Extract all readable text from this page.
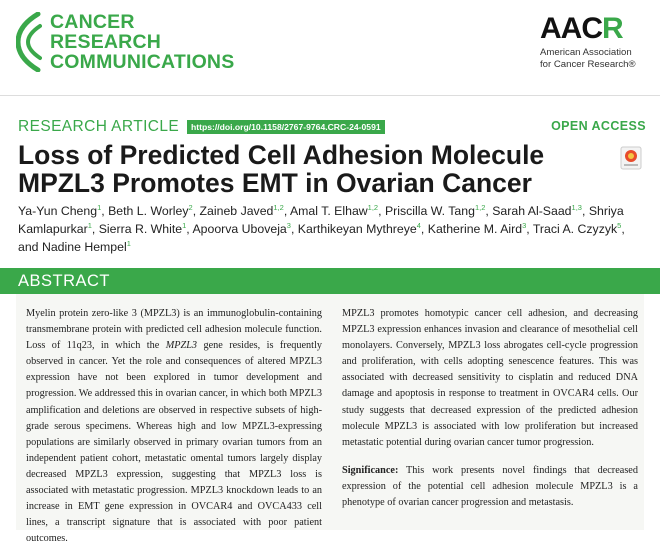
CANCER
RESEARCH
COMMUNICATIONS
AACR
American Association
for Cancer Research®
RESEARCH ARTICLE	https://doi.org/10.1158/2767-9764.CRC-24-0591	OPEN ACCESS
Loss of Predicted Cell Adhesion Molecule
MPZL3 Promotes EMT in Ovarian Cancer
Ya-Yun Cheng$^1$, Beth L. Worley$^2$, Zaineb Javed$^{1,2}$, Amal T. Elhaw$^{1,2}$, Priscilla W. Tang$^{1,2}$, Sarah Al-Saad$^{1,3}$, Shriya Kamlapurkar$^1$, Sierra R. White$^1$, Apoorva Uboveja$^3$, Karthikeyan Mythreye$^4$, Katherine M. Aird$^3$, Traci A. Czyzyk$^5$, and Nadine Hempel$^1$
ABSTRACT

Myelin protein zero-like 3 (MPZL3) is an immunoglobulin-containing transmembrane protein with predicted cell adhesion molecule function. Loss of 11q23, in which the MPZL3 gene resides, is frequently observed in cancer. Yet the role and consequences of altered MPZL3 expression have not been explored in tumor development and progression. We addressed this in ovarian cancer, in which both MPZL3 amplification and deletions are observed in respective subsets of high-grade serous specimens. Whereas high and low MPZL3-expressing populations are similarly observed in primary ovarian tumors from an independent patient cohort, metastatic omental tumors largely display decreased MPZL3 expression, suggesting that MPZL3 loss is associated with metastatic progression. MPZL3 knockdown leads to an increase in EMT gene expression in OVCAR4 and OVCA433 cell lines, a transcript signature that is associated with poor patient outcomes.

MPZL3 promotes homotypic cancer cell adhesion, and decreasing MPZL3 expression enhances invasion and clearance of mesothelial cell monolayers. Conversely, MPZL3 loss abrogates cell-cycle progression and proliferation, with cells adopting senescence features. This was associated with decreased sensitivity to cisplatin and reduced DNA damage and apoptosis in response to treatment in OVCAR4 cells. Our study suggests that decreased expression of the predicted adhesion molecule MPZL3 is associated with low proliferation but increased metastatic potential during ovarian cancer tumor progression.

Significance: This work presents novel findings that decreased expression of the potential cell adhesion molecule MPZL3 is a phenotype of ovarian cancer progression and metastasis.
